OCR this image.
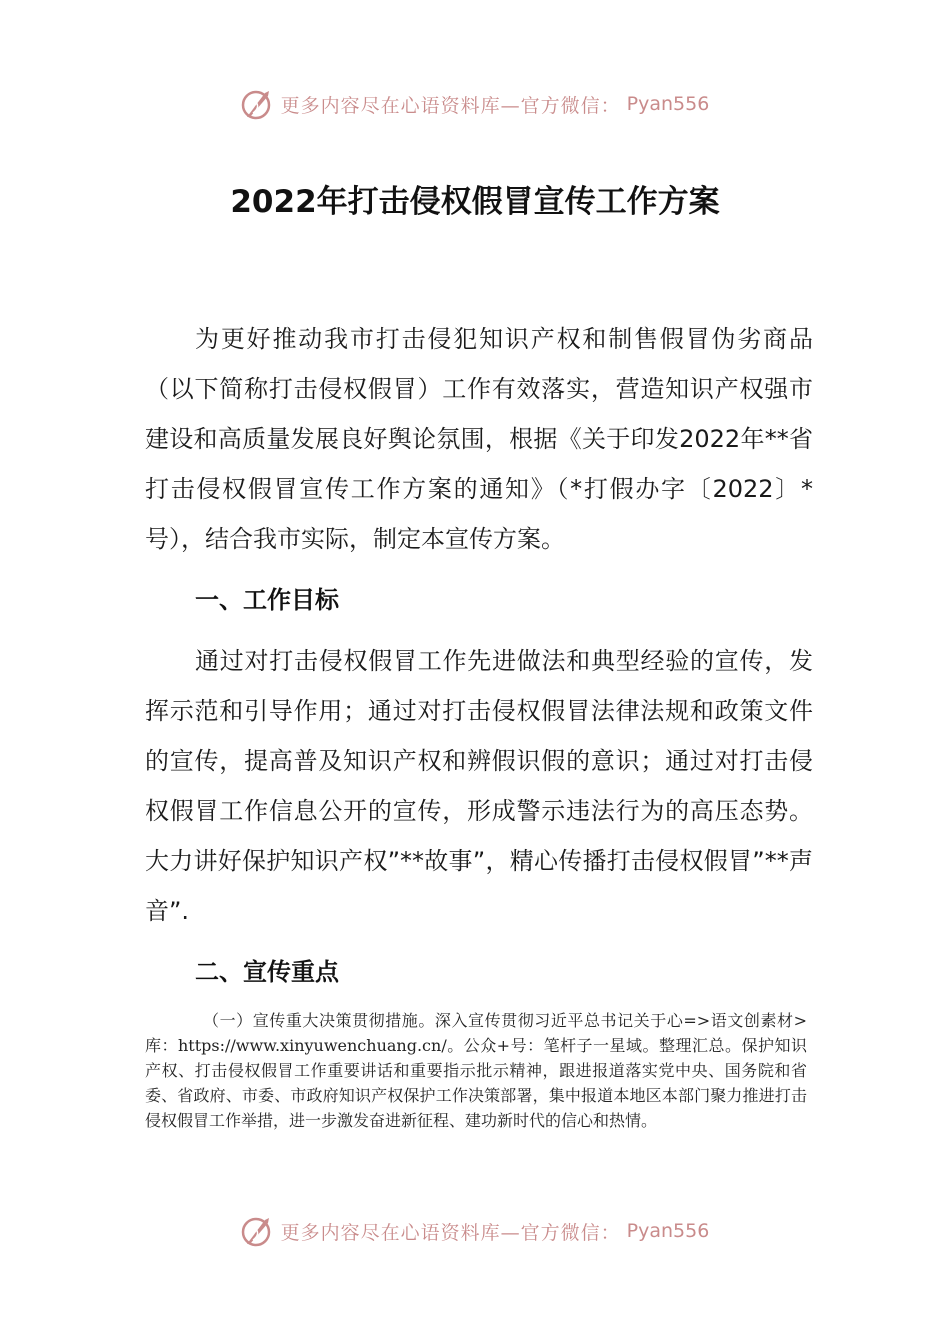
更多内容尽在心语资料库—官方微信： Pyan556
2022年打击侵权假冒宣传工作方案

为更好推动我市打击侵犯知识产权和制售假冒伪劣商品（以下简称打击侵权假冒）工作有效落实，营造知识产权强市建设和高质量发展良好舆论氛围，根据《关于印发2022年**省打击侵权假冒宣传工作方案的通知》（*打假办字〔2022〕*号），结合我市实际，制定本宣传方案。

一、工作目标

通过对打击侵权假冒工作先进做法和典型经验的宣传，发挥示范和引导作用；通过对打击侵权假冒法律法规和政策文件的宣传，提高普及知识产权和辨假识假的意识；通过对打击侵权假冒工作信息公开的宣传，形成警示违法行为的高压态势。大力讲好保护知识产权”**故事”，精心传播打击侵权假冒”**声音”.

二、宣传重点

（一）宣传重大决策贯彻措施。深入宣传贯彻习近平总书记关于心=>语文创素材>库：https://www.xinyuwenchuang.cn/。公众+号：笔杆子一星域。整理汇总。保护知识产权、打击侵权假冒工作重要讲话和重要指示批示精神，跟进报道落实党中央、国务院和省委、省政府、市委、市政府知识产权保护工作决策部署，集中报道本地区本部门聚力推进打击侵权假冒工作举措，进一步激发奋进新征程、建功新时代的信心和热情。

更多内容尽在心语资料库—官方微信： Pyan556
